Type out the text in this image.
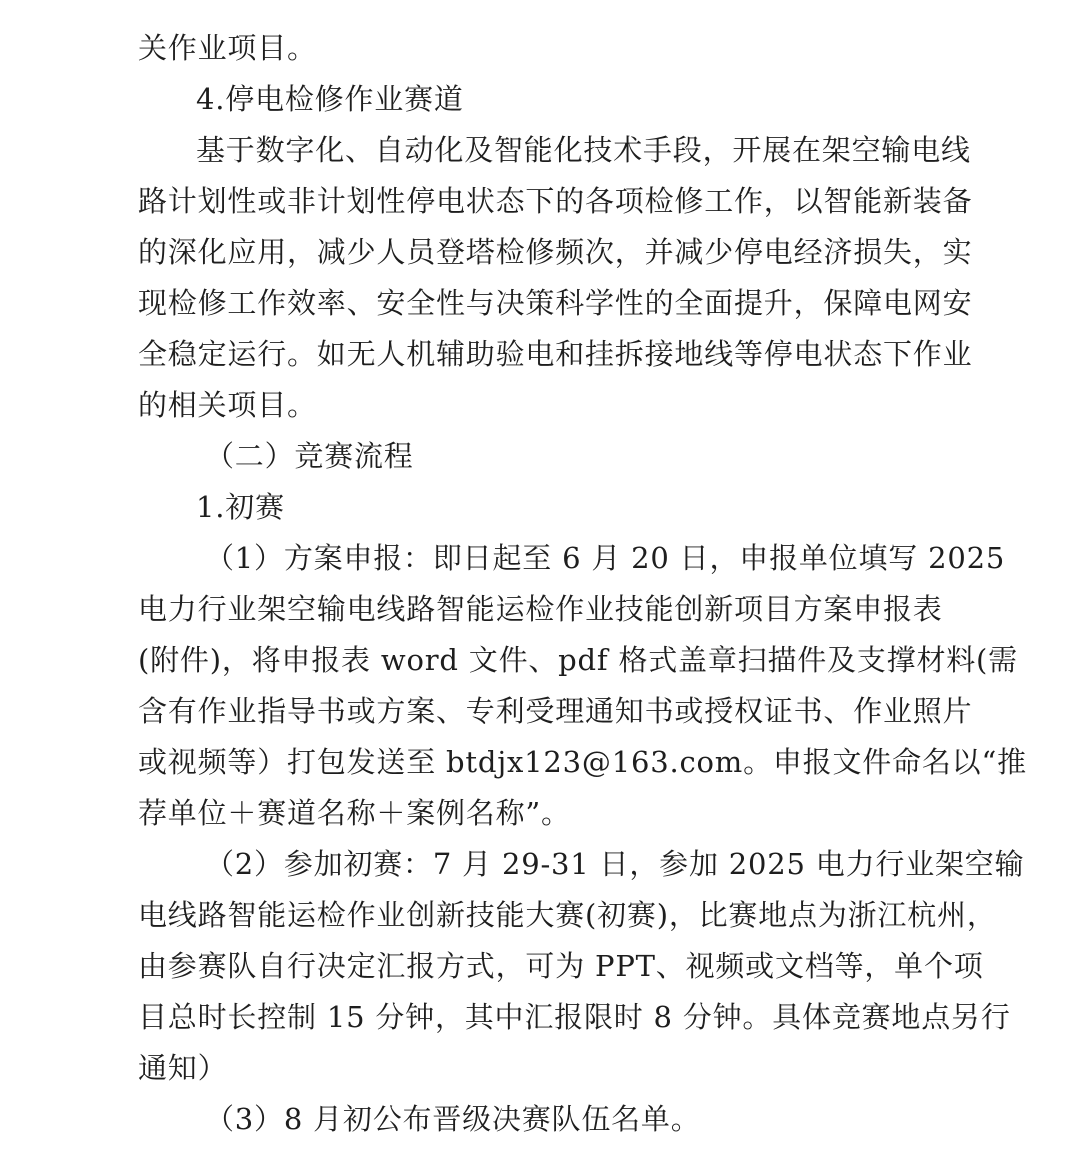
关作业项目。

4.停电检修作业赛道

基于数字化、自动化及智能化技术手段，开展在架空输电线

路计划性或非计划性停电状态下的各项检修工作，以智能新装备

的深化应用，减少人员登塔检修频次，并减少停电经济损失，实

现检修工作效率、安全性与决策科学性的全面提升，保障电网安

全稳定运行。如无人机辅助验电和挂拆接地线等停电状态下作业

的相关项目。

（二）竞赛流程

1.初赛

（1）方案申报：即日起至 6 月 20 日，申报单位填写 2025

电力行业架空输电线路智能运检作业技能创新项目方案申报表

(附件)，将申报表 word 文件、pdf 格式盖章扫描件及支撑材料(需

含有作业指导书或方案、专利受理通知书或授权证书、作业照片

或视频等）打包发送至 btdjx123@163.com。申报文件命名以“推

荐单位＋赛道名称＋案例名称”。

（2）参加初赛：7 月 29-31 日，参加 2025 电力行业架空输

电线路智能运检作业创新技能大赛(初赛)，比赛地点为浙江杭州，

由参赛队自行决定汇报方式，可为 PPT、视频或文档等，单个项

目总时长控制 15 分钟，其中汇报限时 8 分钟。具体竞赛地点另行

通知）

（3）8 月初公布晋级决赛队伍名单。
